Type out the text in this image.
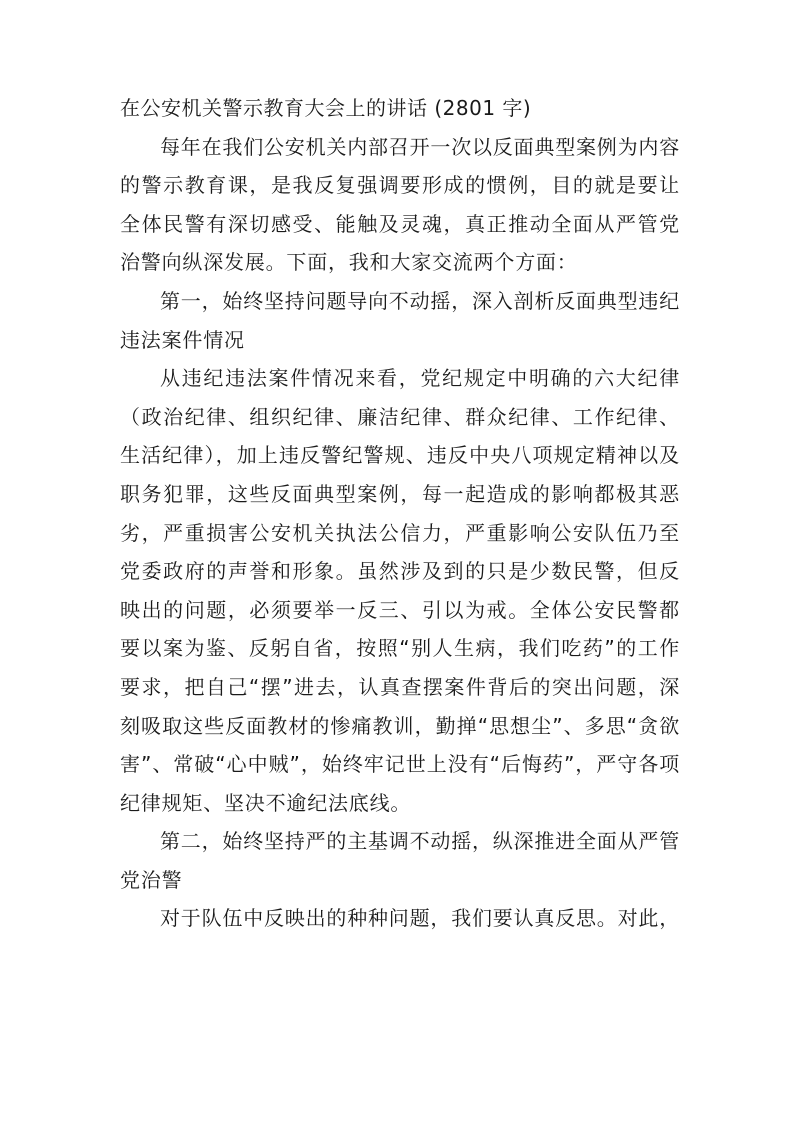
在公安机关警示教育大会上的讲话 (2801 字)

每年在我们公安机关内部召开一次以反面典型案例为内容的警示教育课，是我反复强调要形成的惯例，目的就是要让全体民警有深切感受、能触及灵魂，真正推动全面从严管党治警向纵深发展。下面，我和大家交流两个方面：

第一，始终坚持问题导向不动摇，深入剖析反面典型违纪违法案件情况

从违纪违法案件情况来看，党纪规定中明确的六大纪律（政治纪律、组织纪律、廉洁纪律、群众纪律、工作纪律、生活纪律），加上违反警纪警规、违反中央八项规定精神以及职务犯罪，这些反面典型案例，每一起造成的影响都极其恶劣，严重损害公安机关执法公信力，严重影响公安队伍乃至党委政府的声誉和形象。虽然涉及到的只是少数民警，但反映出的问题，必须要举一反三、引以为戒。全体公安民警都要以案为鉴、反躬自省，按照“别人生病，我们吃药”的工作要求，把自己“摆”进去，认真查摆案件背后的突出问题，深刻吸取这些反面教材的惨痛教训，勤掸“思想尘”、多思“贪欲害”、常破“心中贼”，始终牢记世上没有“后悔药”，严守各项纪律规矩、坚决不逾纪法底线。

第二，始终坚持严的主基调不动摇，纵深推进全面从严管党治警

对于队伍中反映出的种种问题，我们要认真反思。对此，
